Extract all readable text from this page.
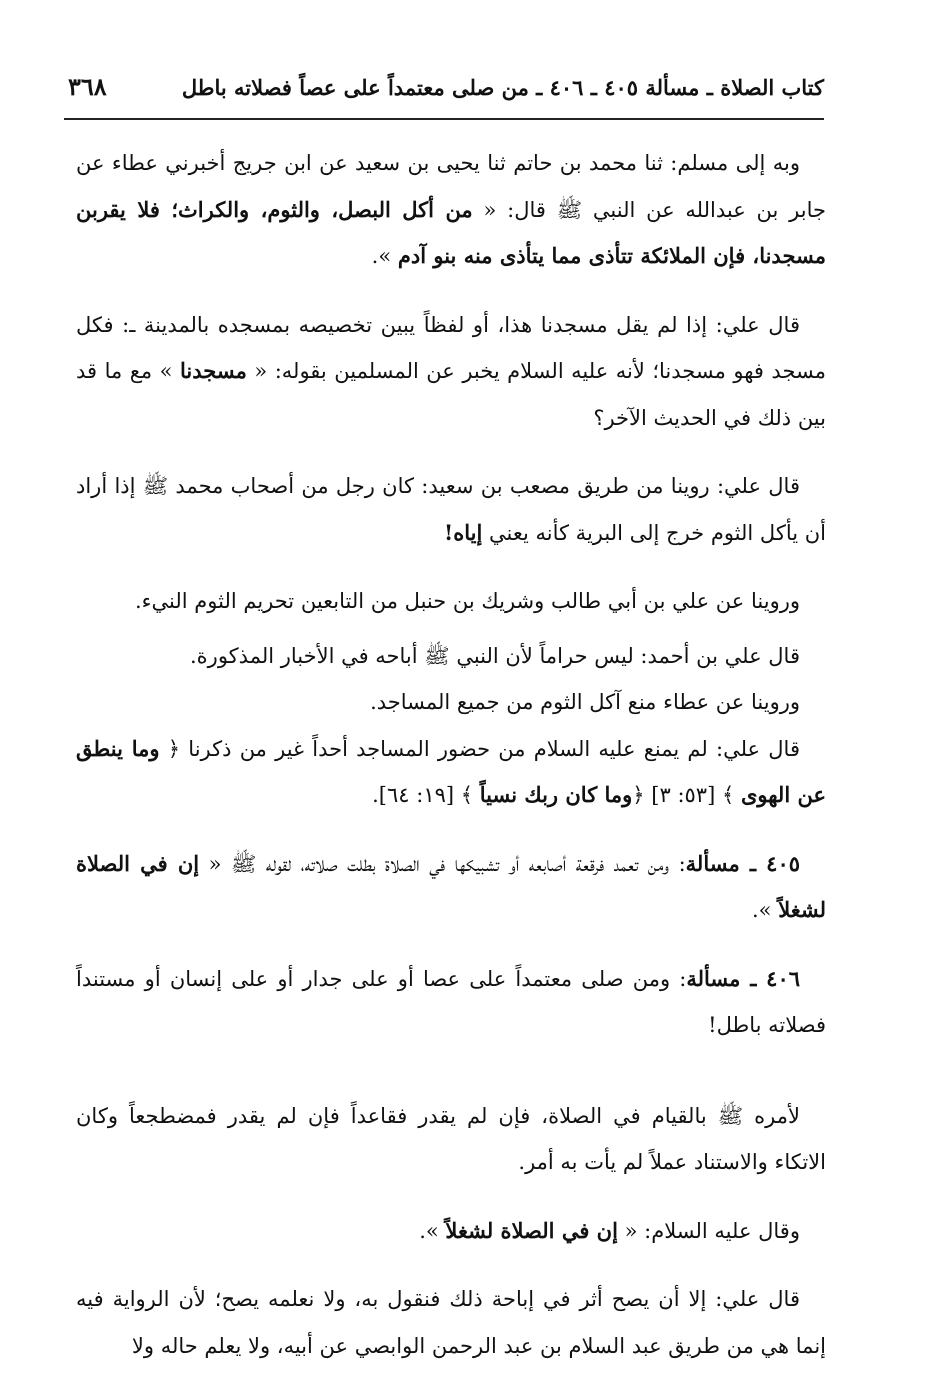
كتاب الصلاة ـ مسألة ٤٠٥ ـ ٤٠٦ ـ من صلى معتمداً على عصاً فصلاته باطل
٣٦٨

وبه إلى مسلم: ثنا محمد بن حاتم ثنا يحيى بن سعيد عن ابن جريج أخبرني عطاء عن جابر بن عبدالله عن النبي ﷺ قال: « من أكل البصل، والثوم، والكراث؛ فلا يقربن مسجدنا، فإن الملائكة تتأذى مما يتأذى منه بنو آدم ».

قال علي: إذا لم يقل مسجدنا هذا، أو لفظاً يبين تخصيصه بمسجده بالمدينة ـ: فكل مسجد فهو مسجدنا؛ لأنه عليه السلام يخبر عن المسلمين بقوله: « مسجدنا » مع ما قد بين ذلك في الحديث الآخر؟

قال علي: روينا من طريق مصعب بن سعيد: كان رجل من أصحاب محمد ﷺ إذا أراد أن يأكل الثوم خرج إلى البرية كأنه يعني إياه!

وروينا عن علي بن أبي طالب وشريك بن حنبل من التابعين تحريم الثوم النيء.

قال علي بن أحمد: ليس حراماً لأن النبي ﷺ أباحه في الأخبار المذكورة.

وروينا عن عطاء منع آكل الثوم من جميع المساجد.

قال علي: لم يمنع عليه السلام من حضور المساجد أحداً غير من ذكرنا ﴿ وما ينطق عن الهوى ﴾ [٥٣: ٣] ﴿وما كان ربك نسياً ﴾ [١٩: ٦٤].

٤٠٥ ـ مسألة: ومن تعمد فرقعة أصابعه أو تشبيكها في الصلاة بطلت صلاته، لقوله ﷺ « إن في الصلاة لشغلاً ».

٤٠٦ ـ مسألة: ومن صلى معتمداً على عصا أو على جدار أو على إنسان أو مستنداً فصلاته باطل!

لأمره ﷺ بالقيام في الصلاة، فإن لم يقدر فقاعداً فإن لم يقدر فمضطجعاً وكان الاتكاء والاستناد عملاً لم يأت به أمر.

وقال عليه السلام: « إن في الصلاة لشغلاً ».

قال علي: إلا أن يصح أثر في إباحة ذلك فنقول به، ولا نعلمه يصح؛ لأن الرواية فيه إنما هي من طريق عبد السلام بن عبد الرحمن الوابصي عن أبيه، ولا يعلم حاله ولا
